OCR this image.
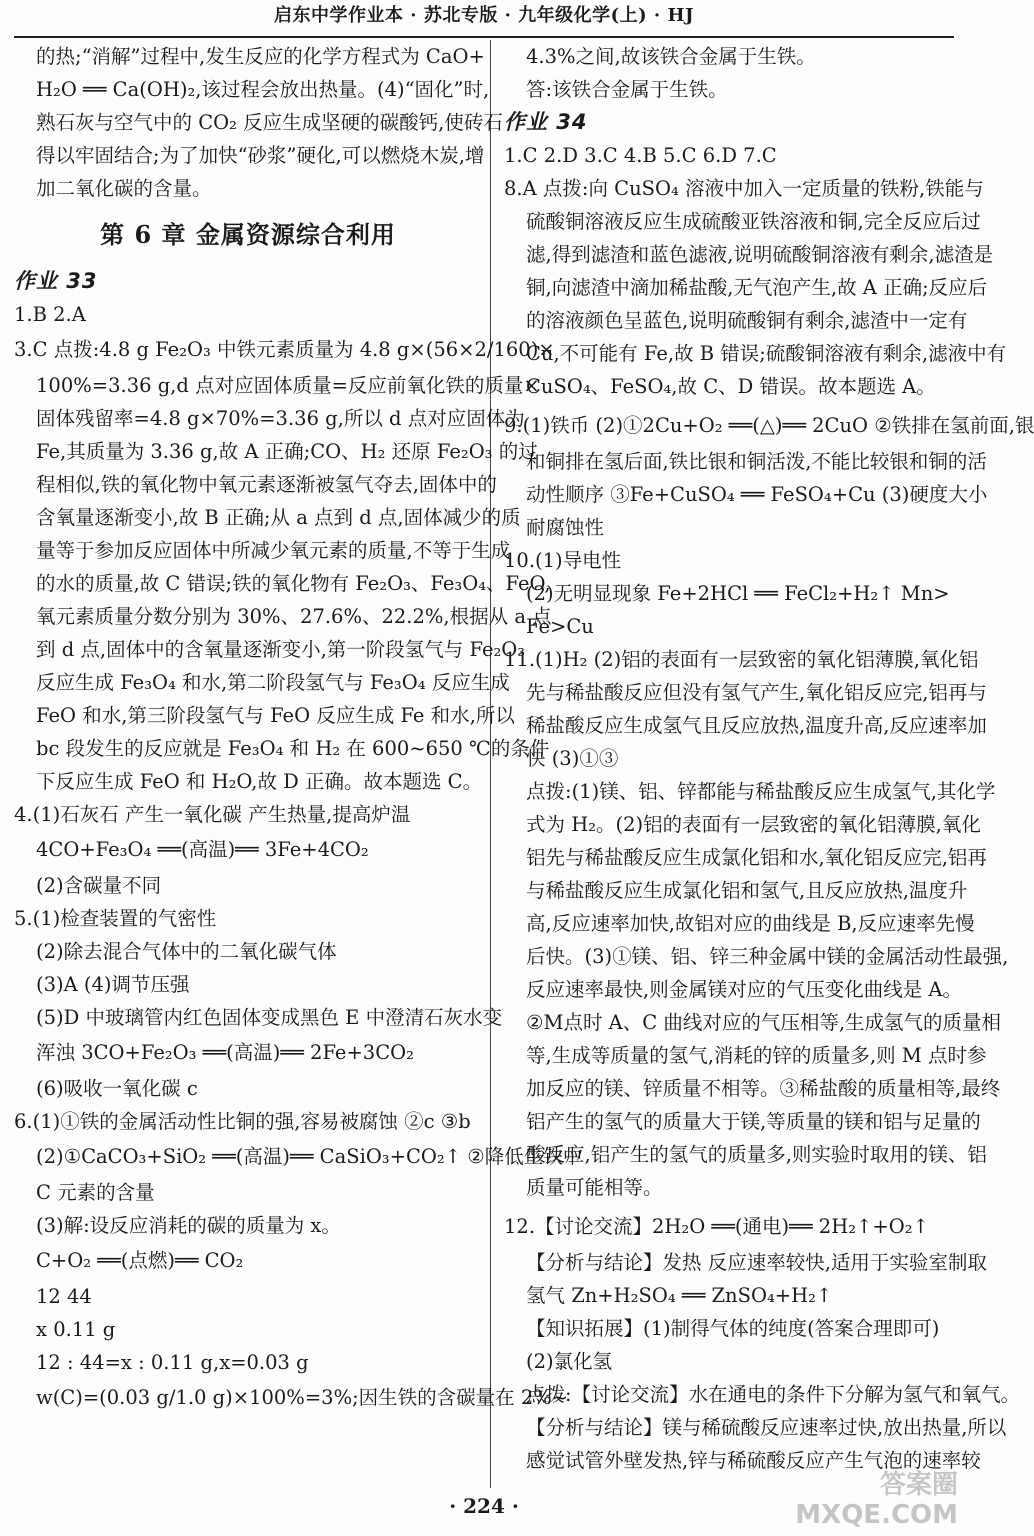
启东中学作业本 · 苏北专版 · 九年级化学(上) · HJ
的热;“消解”过程中,发生反应的化学方程式为 CaO+
H₂O ══ Ca(OH)₂,该过程会放出热量。(4)“固化”时,
熟石灰与空气中的 CO₂ 反应生成坚硬的碳酸钙,使砖石
得以牢固结合;为了加快“砂浆”硬化,可以燃烧木炭,增
加二氧化碳的含量。
第 6 章 金属资源综合利用
作业 33
1.B 2.A
3.C 点拨:4.8 g Fe₂O₃ 中铁元素质量为 4.8 g×(56×2/160)×
100%=3.36 g,d 点对应固体质量=反应前氧化铁的质量×
固体残留率=4.8 g×70%=3.36 g,所以 d 点对应固体为
Fe,其质量为 3.36 g,故 A 正确;CO、H₂ 还原 Fe₂O₃ 的过
程相似,铁的氧化物中氧元素逐渐被氢气夺去,固体中的
含氧量逐渐变小,故 B 正确;从 a 点到 d 点,固体减少的质
量等于参加反应固体中所减少氧元素的质量,不等于生成
的水的质量,故 C 错误;铁的氧化物有 Fe₂O₃、Fe₃O₄、FeO,
氧元素质量分数分别为 30%、27.6%、22.2%,根据从 a 点
到 d 点,固体中的含氧量逐渐变小,第一阶段氢气与 Fe₂O₃
反应生成 Fe₃O₄ 和水,第二阶段氢气与 Fe₃O₄ 反应生成
FeO 和水,第三阶段氢气与 FeO 反应生成 Fe 和水,所以
bc 段发生的反应就是 Fe₃O₄ 和 H₂ 在 600~650 ℃的条件
下反应生成 FeO 和 H₂O,故 D 正确。故本题选 C。
4.(1)石灰石 产生一氧化碳 产生热量,提高炉温
4CO+Fe₃O₄ ══(高温)══ 3Fe+4CO₂
(2)含碳量不同
5.(1)检查装置的气密性
(2)除去混合气体中的二氧化碳气体
(3)A (4)调节压强
(5)D 中玻璃管内红色固体变成黑色 E 中澄清石灰水变
浑浊 3CO+Fe₂O₃ ══(高温)══ 2Fe+3CO₂
(6)吸收一氧化碳 c
6.(1)①铁的金属活动性比铜的强,容易被腐蚀 ②c ③b
(2)①CaCO₃+SiO₂ ══(高温)══ CaSiO₃+CO₂↑ ②降低生铁中
C 元素的含量
(3)解:设反应消耗的碳的质量为 x。
C+O₂ ══(点燃)══ CO₂
12 44
x 0.11 g
12 : 44=x : 0.11 g,x=0.03 g
w(C)=(0.03 g/1.0 g)×100%=3%;因生铁的含碳量在 2%~
4.3%之间,故该铁合金属于生铁。
答:该铁合金属于生铁。
作业 34
1.C 2.D 3.C 4.B 5.C 6.D 7.C
8.A 点拨:向 CuSO₄ 溶液中加入一定质量的铁粉,铁能与
硫酸铜溶液反应生成硫酸亚铁溶液和铜,完全反应后过
滤,得到滤渣和蓝色滤液,说明硫酸铜溶液有剩余,滤渣是
铜,向滤渣中滴加稀盐酸,无气泡产生,故 A 正确;反应后
的溶液颜色呈蓝色,说明硫酸铜有剩余,滤渣中一定有
Cu,不可能有 Fe,故 B 错误;硫酸铜溶液有剩余,滤液中有
CuSO₄、FeSO₄,故 C、D 错误。故本题选 A。
9.(1)铁币 (2)①2Cu+O₂ ══(△)══ 2CuO ②铁排在氢前面,银
和铜排在氢后面,铁比银和铜活泼,不能比较银和铜的活
动性顺序 ③Fe+CuSO₄ ══ FeSO₄+Cu (3)硬度大小
耐腐蚀性
10.(1)导电性
(2)无明显现象 Fe+2HCl ══ FeCl₂+H₂↑ Mn>
Fe>Cu
11.(1)H₂ (2)铝的表面有一层致密的氧化铝薄膜,氧化铝
先与稀盐酸反应但没有氢气产生,氧化铝反应完,铝再与
稀盐酸反应生成氢气且反应放热,温度升高,反应速率加
快 (3)①③
点拨:(1)镁、铝、锌都能与稀盐酸反应生成氢气,其化学
式为 H₂。(2)铝的表面有一层致密的氧化铝薄膜,氧化
铝先与稀盐酸反应生成氯化铝和水,氧化铝反应完,铝再
与稀盐酸反应生成氯化铝和氢气,且反应放热,温度升
高,反应速率加快,故铝对应的曲线是 B,反应速率先慢
后快。(3)①镁、铝、锌三种金属中镁的金属活动性最强,
反应速率最快,则金属镁对应的气压变化曲线是 A。
②M点时 A、C 曲线对应的气压相等,生成氢气的质量相
等,生成等质量的氢气,消耗的锌的质量多,则 M 点时参
加反应的镁、锌质量不相等。③稀盐酸的质量相等,最终
铝产生的氢气的质量大于镁,等质量的镁和铝与足量的
酸反应,铝产生的氢气的质量多,则实验时取用的镁、铝
质量可能相等。
12.【讨论交流】2H₂O ══(通电)══ 2H₂↑+O₂↑
【分析与结论】发热 反应速率较快,适用于实验室制取
氢气 Zn+H₂SO₄ ══ ZnSO₄+H₂↑
【知识拓展】(1)制得气体的纯度(答案合理即可)
(2)氯化氢
点拨:【讨论交流】水在通电的条件下分解为氢气和氧气。
【分析与结论】镁与稀硫酸反应速率过快,放出热量,所以
感觉试管外壁发热,锌与稀硫酸反应产生气泡的速率较
· 224 ·
答案圈 MXQE.COM
